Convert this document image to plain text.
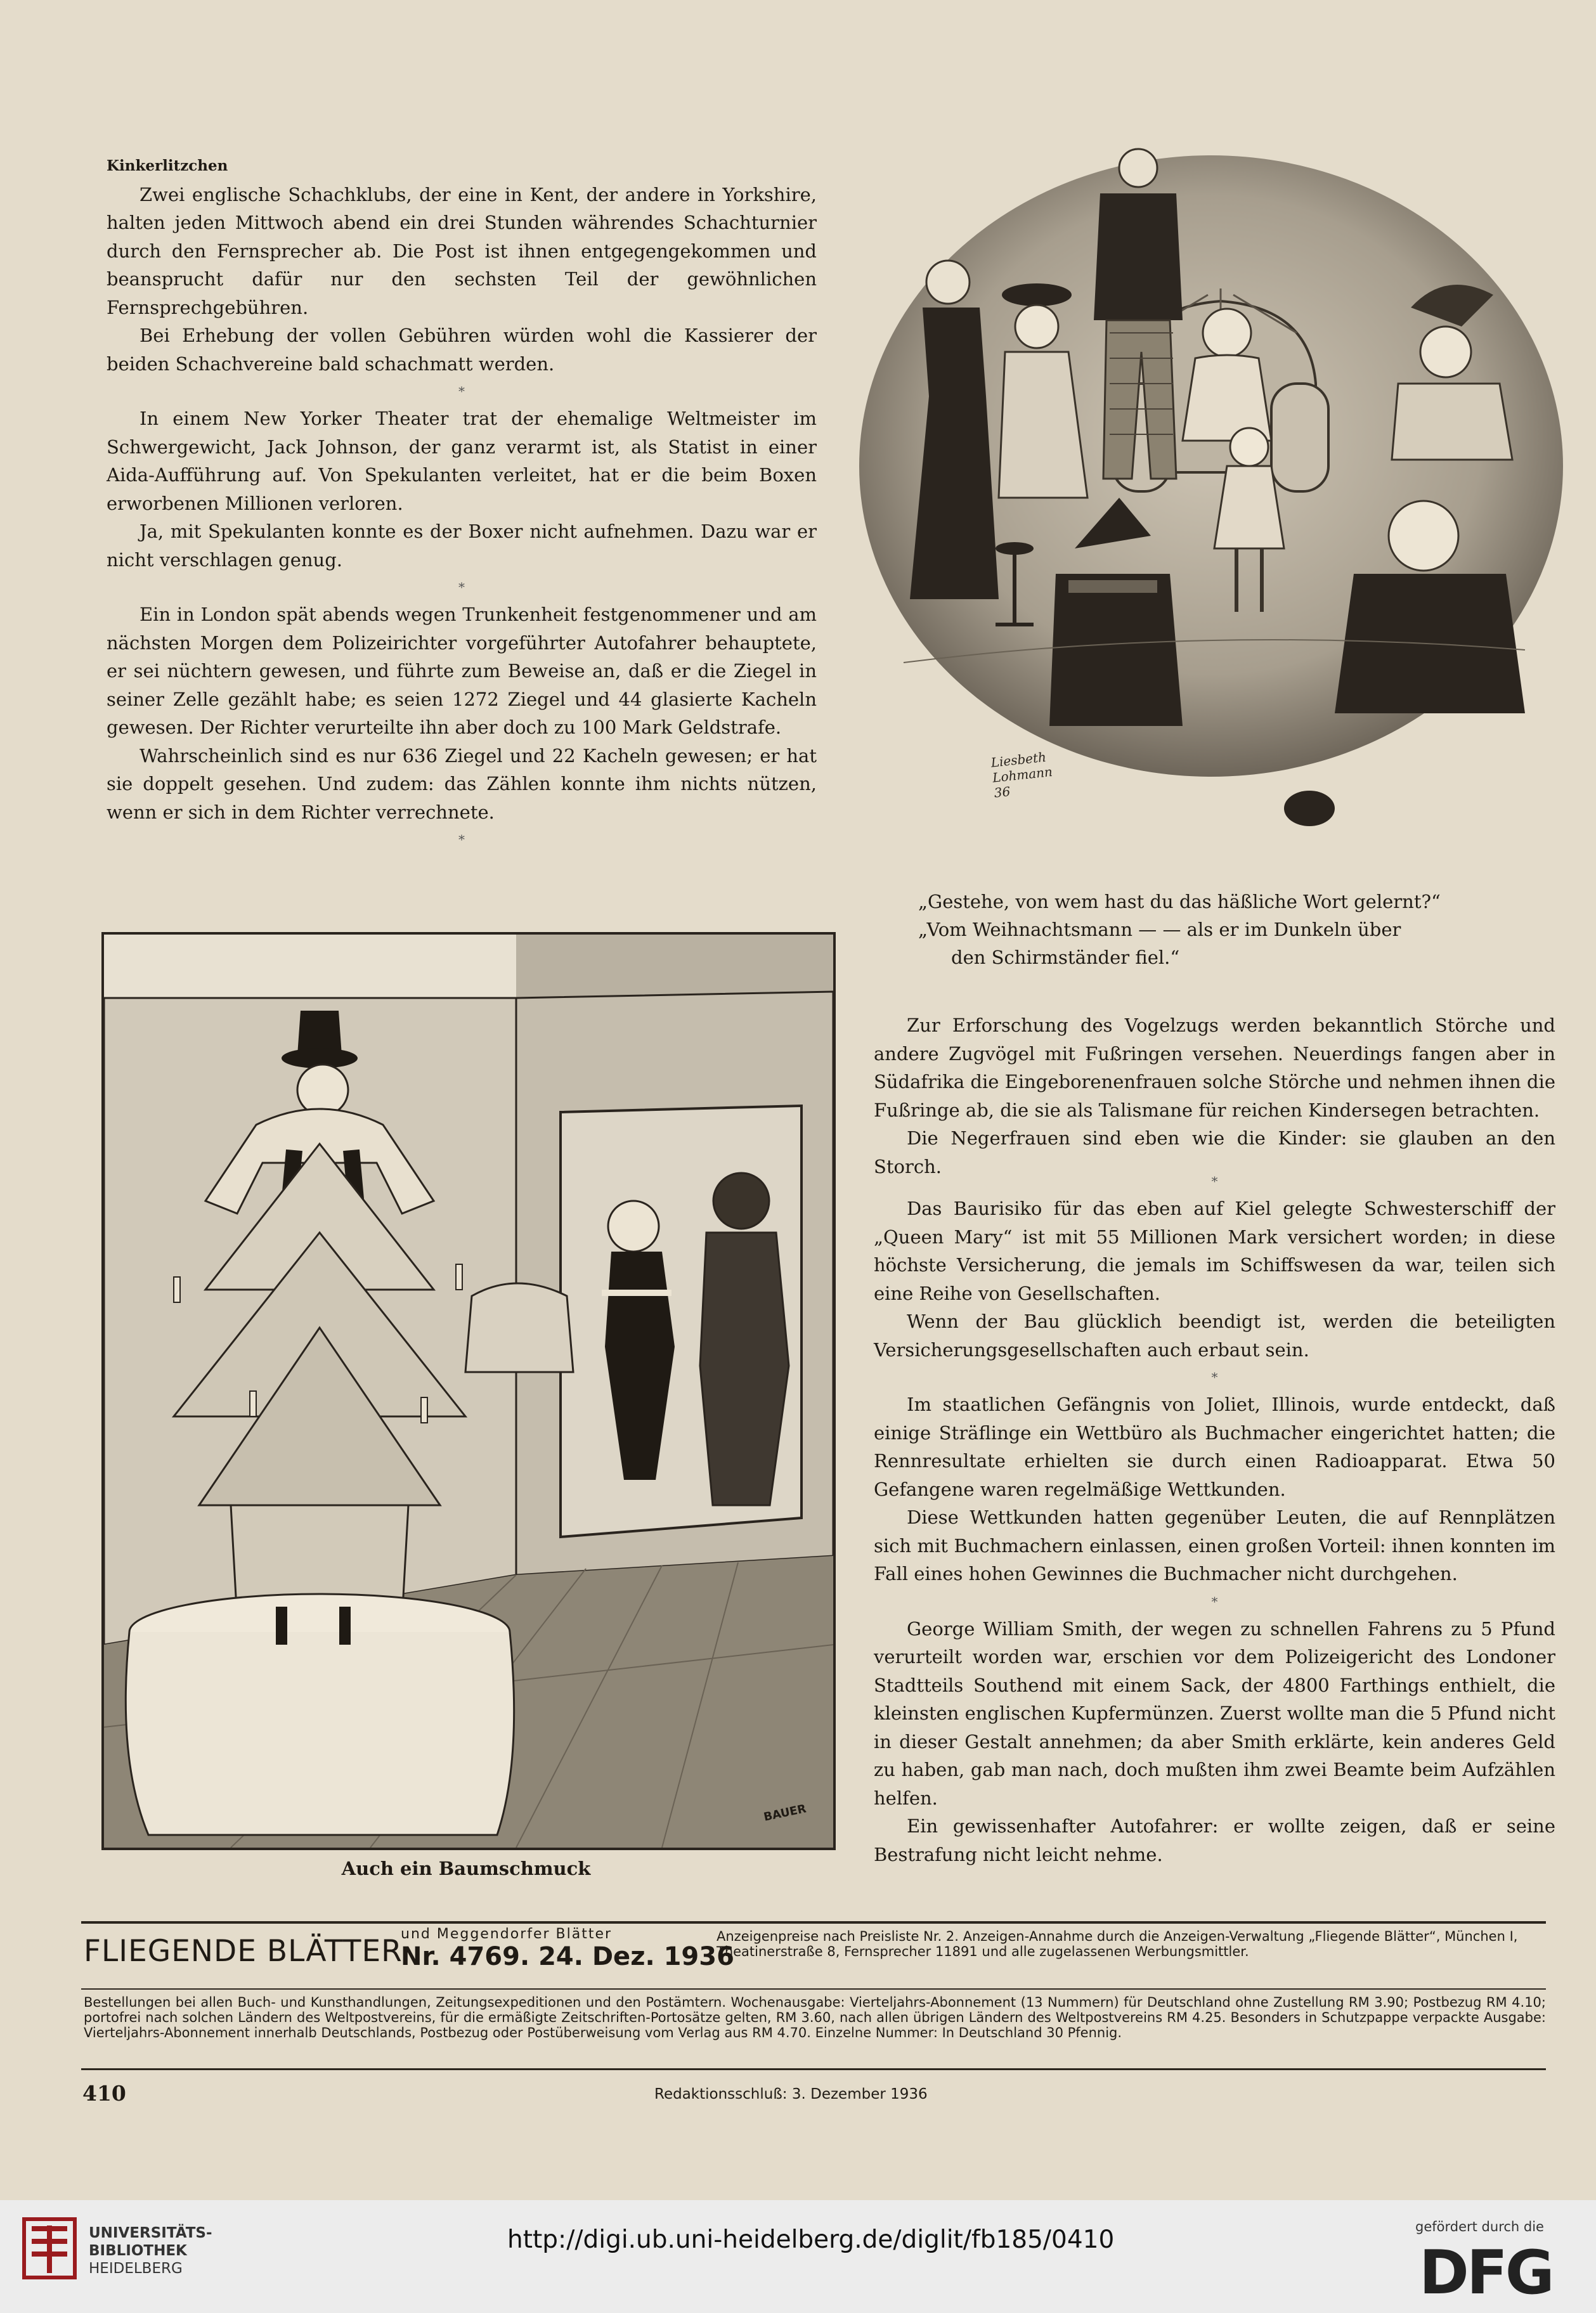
Kinkerlitzchen

Zwei englische Schachklubs, der eine in Kent, der andere in Yorkshire, halten jeden Mittwoch abend ein drei Stunden währendes Schachturnier durch den Fernsprecher ab. Die Post ist ihnen entgegengekommen und beansprucht dafür nur den sechsten Teil der gewöhnlichen Fernsprechgebühren.

Bei Erhebung der vollen Gebühren würden wohl die Kassierer der beiden Schachvereine bald schachmatt werden.

*

In einem New Yorker Theater trat der ehemalige Weltmeister im Schwergewicht, Jack Johnson, der ganz verarmt ist, als Statist in einer Aida-Aufführung auf. Von Spekulanten verleitet, hat er die beim Boxen erworbenen Millionen verloren.

Ja, mit Spekulanten konnte es der Boxer nicht aufnehmen. Dazu war er nicht verschlagen genug.

*

Ein in London spät abends wegen Trunkenheit festgenommener und am nächsten Morgen dem Polizeirichter vorgeführter Autofahrer behauptete, er sei nüchtern gewesen, und führte zum Beweise an, daß er die Ziegel in seiner Zelle gezählt habe; es seien 1272 Ziegel und 44 glasierte Kacheln gewesen. Der Richter verurteilte ihn aber doch zu 100 Mark Geldstrafe.

Wahrscheinlich sind es nur 636 Ziegel und 22 Kacheln gewesen; er hat sie doppelt gesehen. Und zudem: das Zählen konnte ihm nichts nützen, wenn er sich in dem Richter verrechnete.

*
Liesbeth Lohmann 36
„Gestehe, von wem hast du das häßliche Wort gelernt?“
„Vom Weihnachtsmann — — als er im Dunkeln über
den Schirmständer fiel.“
BAUER
Auch ein Baumschmuck

Zur Erforschung des Vogelzugs werden bekanntlich Störche und andere Zugvögel mit Fußringen versehen. Neuerdings fangen aber in Südafrika die Eingeborenenfrauen solche Störche und nehmen ihnen die Fußringe ab, die sie als Talismane für reichen Kindersegen betrachten.

Die Negerfrauen sind eben wie die Kinder: sie glauben an den Storch.

*

Das Baurisiko für das eben auf Kiel gelegte Schwesterschiff der „Queen Mary“ ist mit 55 Millionen Mark versichert worden; in diese höchste Versicherung, die jemals im Schiffswesen da war, teilen sich eine Reihe von Gesellschaften.

Wenn der Bau glücklich beendigt ist, werden die beteiligten Versicherungsgesellschaften auch erbaut sein.

*

Im staatlichen Gefängnis von Joliet, Illinois, wurde entdeckt, daß einige Sträflinge ein Wettbüro als Buchmacher eingerichtet hatten; die Rennresultate erhielten sie durch einen Radioapparat. Etwa 50 Gefangene waren regelmäßige Wettkunden.

Diese Wettkunden hatten gegenüber Leuten, die auf Rennplätzen sich mit Buchmachern einlassen, einen großen Vorteil: ihnen konnten im Fall eines hohen Gewinnes die Buchmacher nicht durchgehen.

*

George William Smith, der wegen zu schnellen Fahrens zu 5 Pfund verurteilt worden war, erschien vor dem Polizeigericht des Londoner Stadtteils Southend mit einem Sack, der 4800 Farthings enthielt, die kleinsten englischen Kupfermünzen. Zuerst wollte man die 5 Pfund nicht in dieser Gestalt annehmen; da aber Smith erklärte, kein anderes Geld zu haben, gab man nach, doch mußten ihm zwei Beamte beim Aufzählen helfen.

Ein gewissenhafter Autofahrer: er wollte zeigen, daß er seine Bestrafung nicht leicht nehme.

FLIEGENDE BLÄTTER
und Meggendorfer Blätter
Nr. 4769. 24. Dez. 1936
Anzeigenpreise nach Preisliste Nr. 2. Anzeigen-Annahme durch die Anzeigen-Verwaltung „Fliegende Blätter“, München I, Theatinerstraße 8, Fernsprecher 11891 und alle zugelassenen Werbungsmittler.
Bestellungen bei allen Buch- und Kunsthandlungen, Zeitungsexpeditionen und den Postämtern. Wochenausgabe: Vierteljahrs-Abonnement (13 Nummern) für Deutschland ohne Zustellung RM 3.90; Postbezug RM 4.10; portofrei nach solchen Ländern des Weltpostvereins, für die ermäßigte Zeitschriften-Portosätze gelten, RM 3.60, nach allen übrigen Ländern des Weltpostvereins RM 4.25. Besonders in Schutzpappe verpackte Ausgabe: Vierteljahrs-Abonnement innerhalb Deutschlands, Postbezug oder Postüberweisung vom Verlag aus RM 4.70. Einzelne Nummer: In Deutschland 30 Pfennig.
410	Redaktionsschluß: 3. Dezember 1936
UNIVERSITÄTS-
BIBLIOTHEK
HEIDELBERG
http://digi.ub.uni-heidelberg.de/diglit/fb185/0410	gefördert durch die
DFG
